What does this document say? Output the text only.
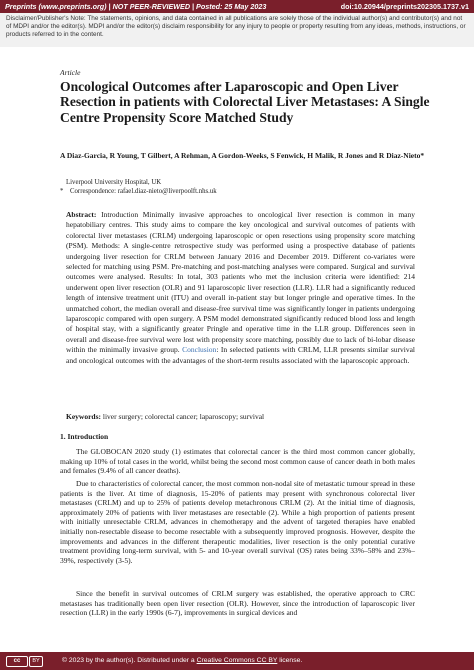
Preprints (www.preprints.org) | NOT PEER-REVIEWED | Posted: 25 May 2023	doi:10.20944/preprints202305.1737.v1
Disclaimer/Publisher's Note: The statements, opinions, and data contained in all publications are solely those of the individual author(s) and contributor(s) and not of MDPI and/or the editor(s). MDPI and/or the editor(s) disclaim responsibility for any injury to people or property resulting from any ideas, methods, instructions, or products referred to in the content.
Article
Oncological Outcomes after Laparoscopic and Open Liver Resection in patients with Colorectal Liver Metastases: A Single Centre Propensity Score Matched Study
A Diaz-Garcia, R Young, T Gilbert, A Rehman, A Gordon-Weeks, S Fenwick, H Malik, R Jones and R Diaz-Nieto*
Liverpool University Hospital, UK
* Correspondence: rafael.diaz-nieto@liverpoolft.nhs.uk
Abstract: Introduction Minimally invasive approaches to oncological liver resection is common in many hepatobiliary centres. This study aims to compare the key oncological and survival outcomes of patients with colorectal liver metastases (CRLM) undergoing laparoscopic or open resections using propensity score matching (PSM). Methods: A single-centre retrospective study was performed using a prospective database of patients undergoing liver resection for CRLM between January 2016 and December 2019. Different co-variates were selected for matching using PSM. Pre-matching and post-matching analyses were compared. Surgical and survival outcomes were analysed. Results: In total, 303 patients who met the inclusion criteria were identified: 214 underwent open liver resection (OLR) and 91 laparoscopic liver resection (LLR). LLR had a significantly reduced length of intensive treatment unit (ITU) and overall in-patient stay but longer pringle and operative times. In the unmatched cohort, the median overall and disease-free survival time was significantly longer in patients undergoing laparoscopic compared with open surgery. A PSM model demonstrated significantly reduced blood loss and length of hospital stay, with a significantly greater Pringle and operative time in the LLR group. Differences seen in overall and disease-free survival were lost with propensity score matching, possibly due to lack of bi-lobar disease within the minimally invasive group. Conclusion: In selected patients with CRLM, LLR presents similar survival and oncological outcomes with the advantages of the short-term results associated with the laparoscopic approach.
Keywords: liver surgery; colorectal cancer; laparoscopy; survival
1. Introduction
The GLOBOCAN 2020 study (1) estimates that colorectal cancer is the third most common cancer globally, making up 10% of total cases in the world, whilst being the second most common cause of cancer death in both males and females (9.4% of all cancer deaths).
Due to characteristics of colorectal cancer, the most common non-nodal site of metastatic tumour spread in these patients is the liver. At time of diagnosis, 15-20% of patients may present with synchronous colorectal liver metastases (CRLM) and up to 25% of patients develop metachronous CRLM (2). At the initial time of diagnosis, approximately 20% of patients with liver metastases are resectable (2). While a high proportion of patients present with initially unresectable CRLM, advances in chemotherapy and the advent of targeted therapies have enabled initially non-resectable disease to become resectable with a subsequently improved prognosis. However, despite the improvements and advances in the different therapeutic modalities, liver resection is the only potential curative treatment providing long-term survival, with 5- and 10-year overall survival (OS) rates being 33%–58% and 23%–39%, respectively (3-5).
Since the benefit in survival outcomes of CRLM surgery was established, the operative approach to CRC metastases has traditionally been open liver resection (OLR). However, since the introduction of laparoscopic liver resection (LLR) in the early 1990s (6-7), improvements in surgical devices and
cc	BY	© 2023 by the author(s). Distributed under a Creative Commons CC BY license.
